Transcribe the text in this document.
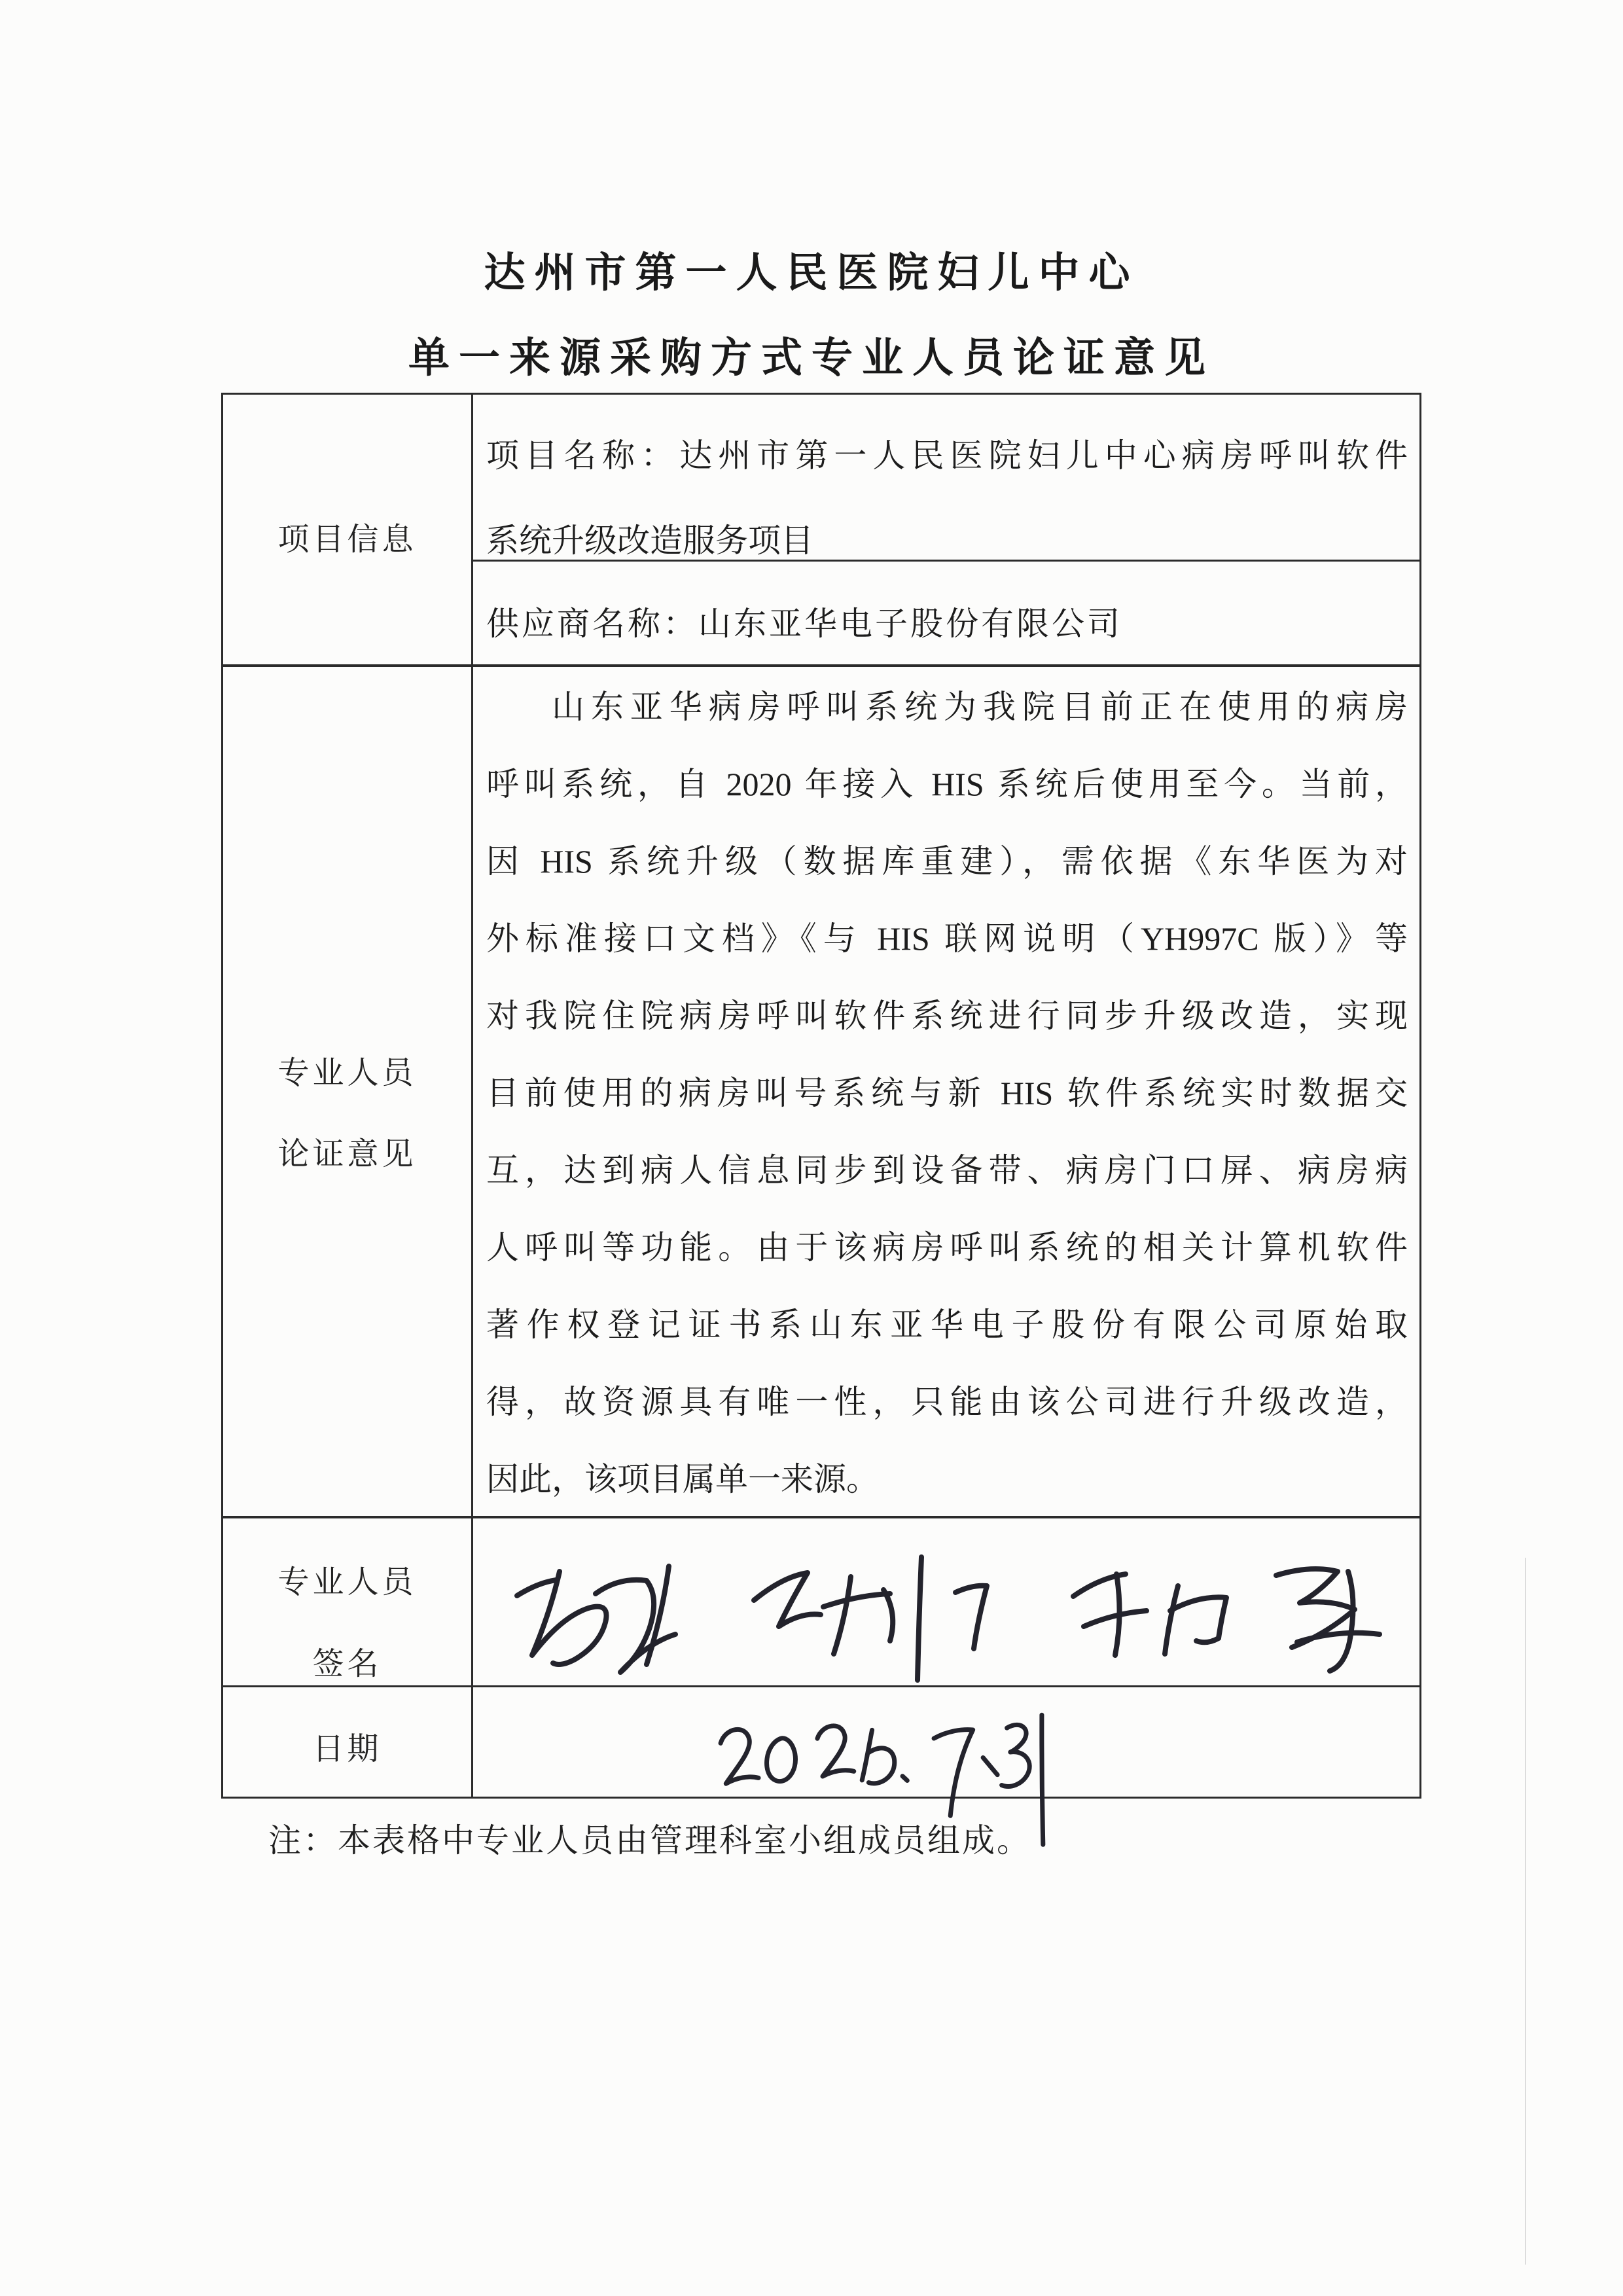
达州市第一人民医院妇儿中心
单一来源采购方式专业人员论证意见
项目信息
项目名称：达州市第一人民医院妇儿中心病房呼叫软件
系统升级改造服务项目
供应商名称：山东亚华电子股份有限公司
专业人员
论证意见
山东亚华病房呼叫系统为我院目前正在使用的病房
呼叫系统，自 2020 年接入 HIS 系统后使用至今。当前，
因 HIS 系统升级（数据库重建），需依据《东华医为对
外标准接口文档》《与 HIS 联网说明（YH997C 版）》等
对我院住院病房呼叫软件系统进行同步升级改造，实现
目前使用的病房叫号系统与新 HIS 软件系统实时数据交
互，达到病人信息同步到设备带、病房门口屏、病房病
人呼叫等功能。由于该病房呼叫系统的相关计算机软件
著作权登记证书系山东亚华电子股份有限公司原始取
得，故资源具有唯一性，只能由该公司进行升级改造，
因此，该项目属单一来源。
专业人员
签名
日期
注：本表格中专业人员由管理科室小组成员组成。
